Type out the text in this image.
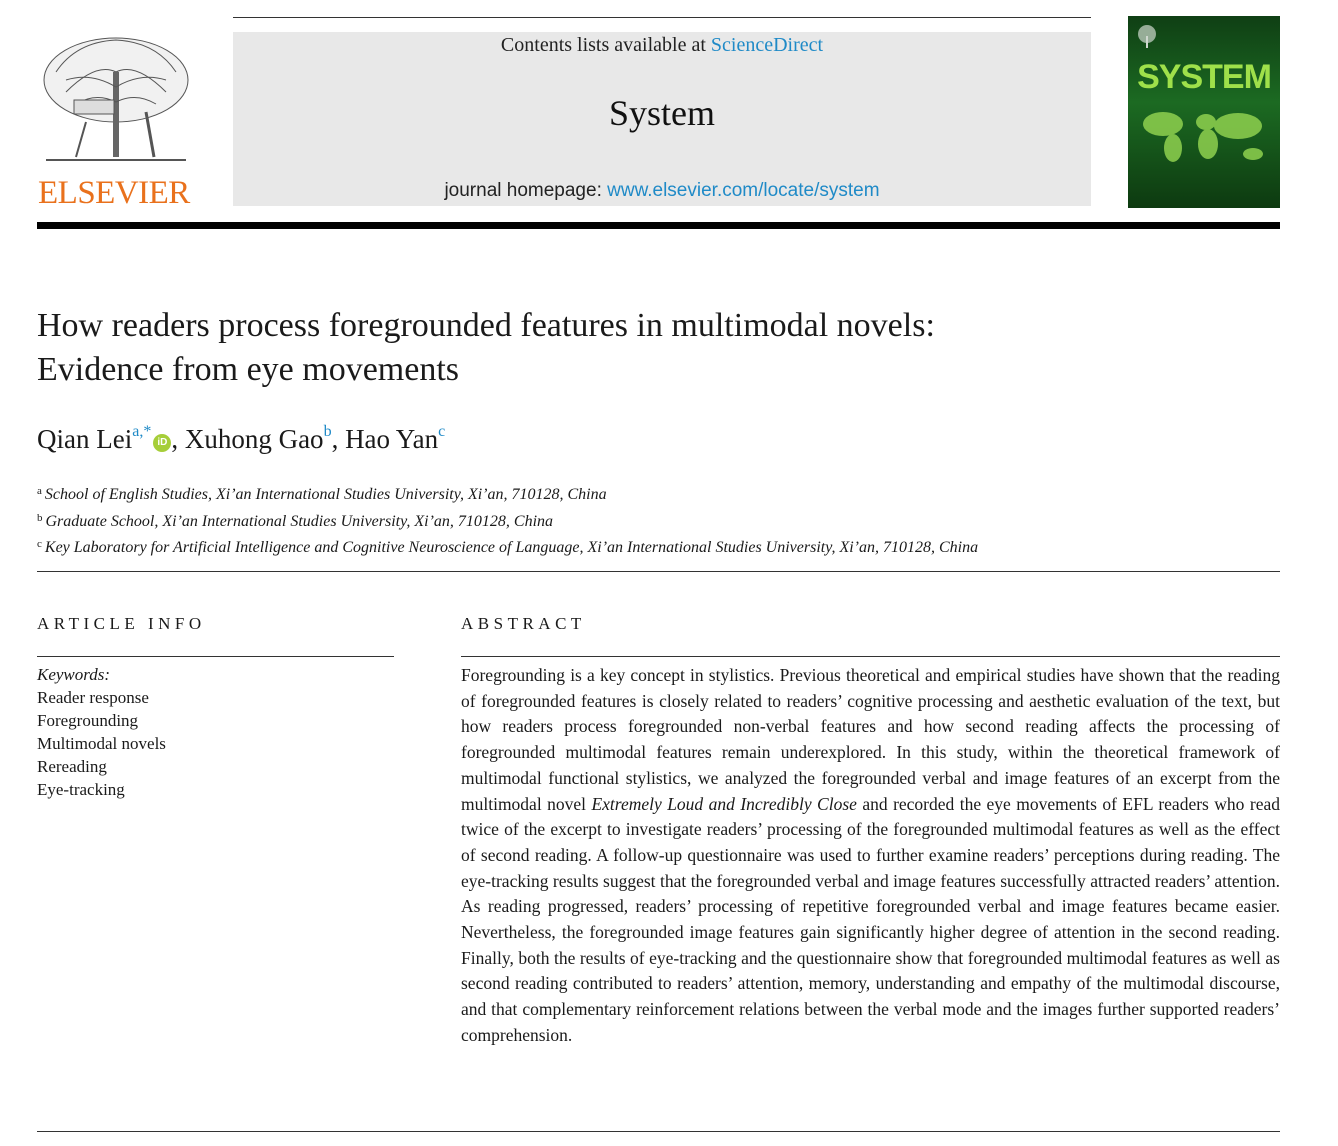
ELSEVIER
Contents lists available at ScienceDirect
System
journal homepage: www.elsevier.com/locate/system
SYSTEM
How readers process foregrounded features in multimodal novels:
Evidence from eye movements
Qian Lei$^{a,*}$iD , Xuhong Gao$^b$, Hao Yan$^c$
$^a$ School of English Studies, Xi’an International Studies University, Xi’an, 710128, China
$^b$ Graduate School, Xi’an International Studies University, Xi’an, 710128, China
$^c$ Key Laboratory for Artificial Intelligence and Cognitive Neuroscience of Language, Xi’an International Studies University, Xi’an, 710128, China
ARTICLE INFO	ABSTRACT
Keywords:
Reader response
Foregrounding
Multimodal novels
Rereading
Eye-tracking
Foregrounding is a key concept in stylistics. Previous theoretical and empirical studies have shown that the reading of foregrounded features is closely related to readers’ cognitive processing and aesthetic evaluation of the text, but how readers process foregrounded non-verbal features and how second reading affects the processing of foregrounded multimodal features remain underexplored. In this study, within the theoretical framework of multimodal functional stylistics, we analyzed the foregrounded verbal and image features of an excerpt from the multimodal novel Extremely Loud and Incredibly Close and recorded the eye movements of EFL readers who read twice of the excerpt to investigate readers’ processing of the foregrounded multimodal features as well as the effect of second reading. A follow-up questionnaire was used to further examine readers’ perceptions during reading. The eye-tracking results suggest that the foregrounded verbal and image features successfully attracted readers’ attention. As reading progressed, readers’ processing of repetitive foregrounded verbal and image features became easier. Nevertheless, the foregrounded image features gain significantly higher degree of attention in the second reading. Finally, both the results of eye-tracking and the questionnaire show that foregrounded multimodal features as well as second reading contributed to readers’ attention, memory, understanding and empathy of the multimodal discourse, and that complementary reinforcement relations between the verbal mode and the images further supported readers’ comprehension.
